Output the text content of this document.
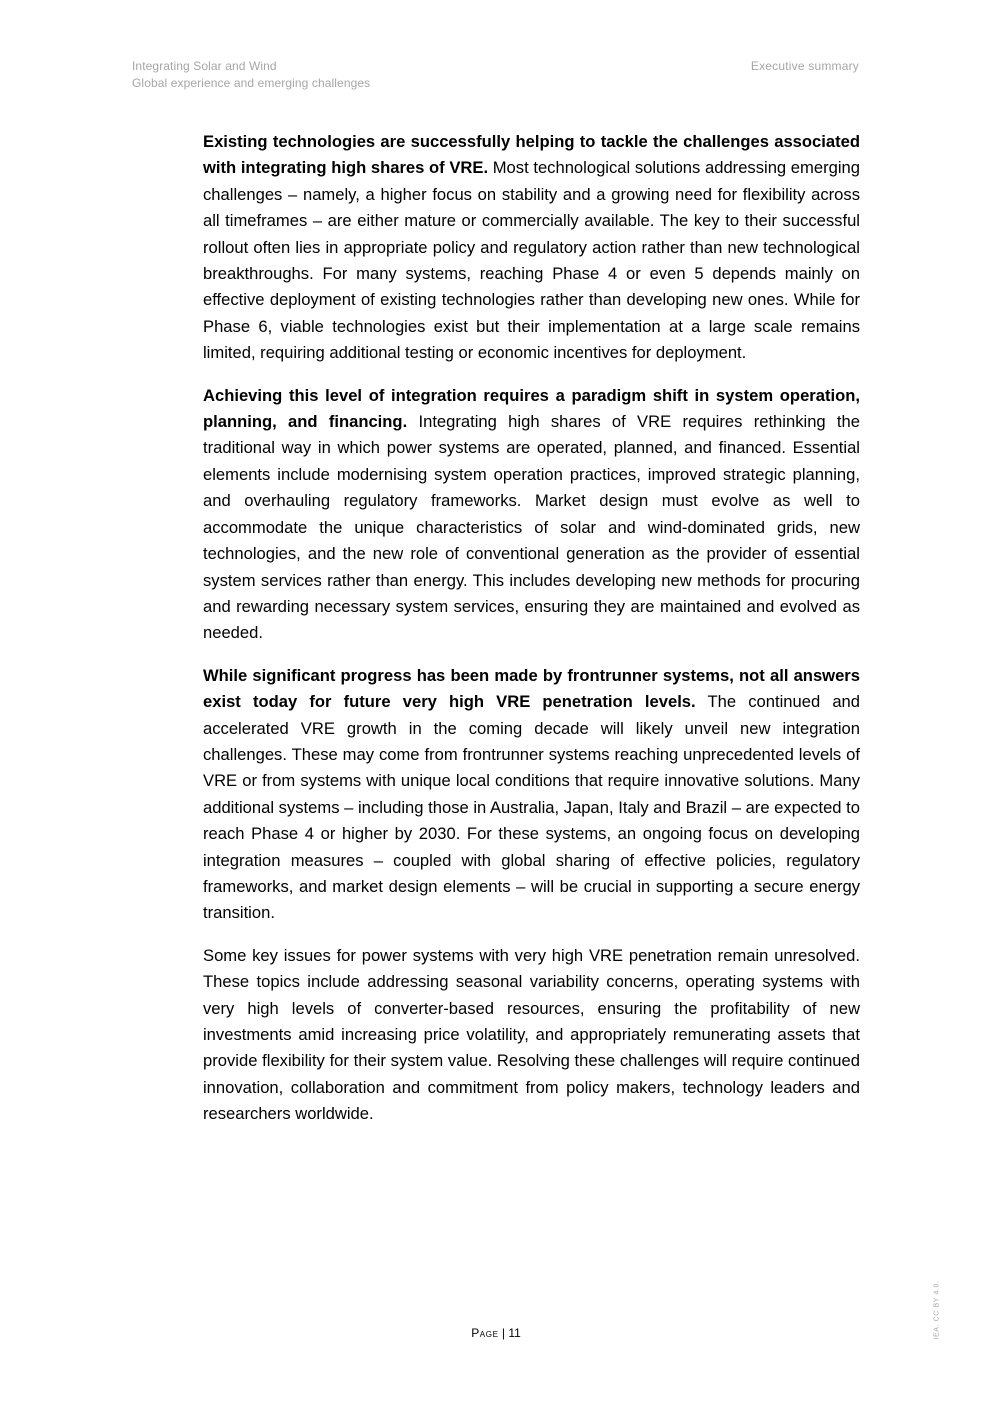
Integrating Solar and Wind
Global experience and emerging challenges
Executive summary

Existing technologies are successfully helping to tackle the challenges associated with integrating high shares of VRE. Most technological solutions addressing emerging challenges – namely, a higher focus on stability and a growing need for flexibility across all timeframes – are either mature or commercially available. The key to their successful rollout often lies in appropriate policy and regulatory action rather than new technological breakthroughs. For many systems, reaching Phase 4 or even 5 depends mainly on effective deployment of existing technologies rather than developing new ones. While for Phase 6, viable technologies exist but their implementation at a large scale remains limited, requiring additional testing or economic incentives for deployment.

Achieving this level of integration requires a paradigm shift in system operation, planning, and financing. Integrating high shares of VRE requires rethinking the traditional way in which power systems are operated, planned, and financed. Essential elements include modernising system operation practices, improved strategic planning, and overhauling regulatory frameworks. Market design must evolve as well to accommodate the unique characteristics of solar and wind-dominated grids, new technologies, and the new role of conventional generation as the provider of essential system services rather than energy. This includes developing new methods for procuring and rewarding necessary system services, ensuring they are maintained and evolved as needed.

While significant progress has been made by frontrunner systems, not all answers exist today for future very high VRE penetration levels. The continued and accelerated VRE growth in the coming decade will likely unveil new integration challenges. These may come from frontrunner systems reaching unprecedented levels of VRE or from systems with unique local conditions that require innovative solutions. Many additional systems – including those in Australia, Japan, Italy and Brazil – are expected to reach Phase 4 or higher by 2030. For these systems, an ongoing focus on developing integration measures – coupled with global sharing of effective policies, regulatory frameworks, and market design elements – will be crucial in supporting a secure energy transition.

Some key issues for power systems with very high VRE penetration remain unresolved. These topics include addressing seasonal variability concerns, operating systems with very high levels of converter-based resources, ensuring the profitability of new investments amid increasing price volatility, and appropriately remunerating assets that provide flexibility for their system value. Resolving these challenges will require continued innovation, collaboration and commitment from policy makers, technology leaders and researchers worldwide.

Page | 11	IEA. CC BY 4.0.
